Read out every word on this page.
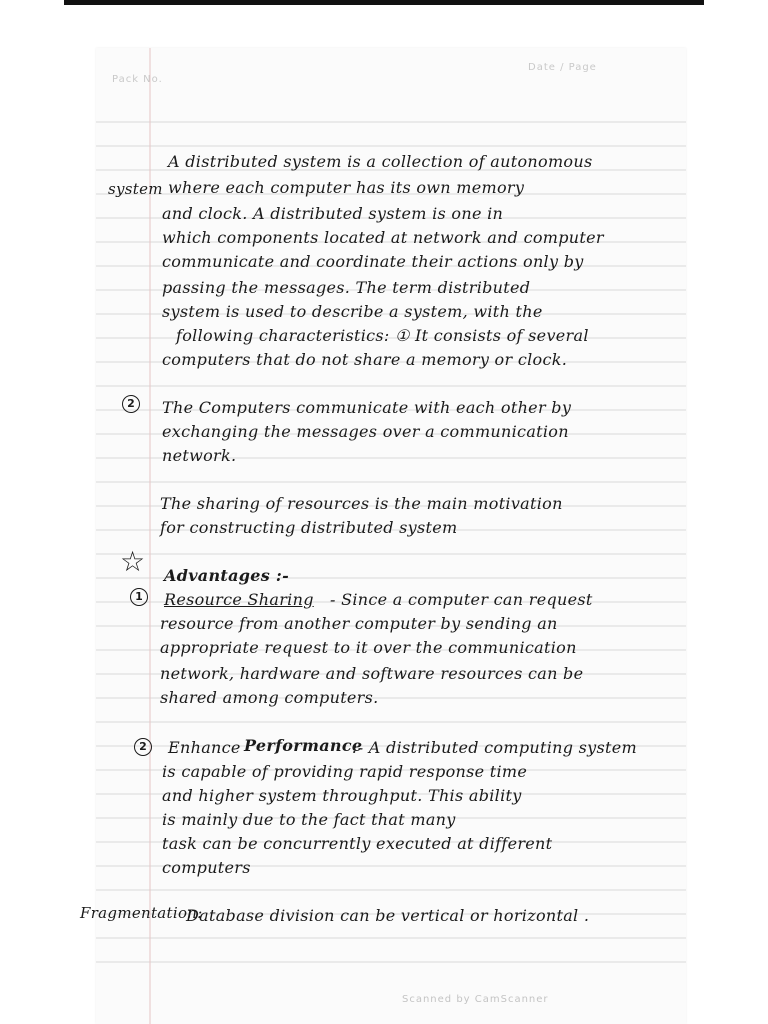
Pack No.
Date / Page
system
A distributed system is a collection of autonomous
where each computer has its own memory
and clock. A distributed system is one in
which components located at network and computer
communicate and coordinate their actions only by
passing the messages. The term distributed
system is used to describe a system, with the
following characteristics: ① It consists of several
computers that do not share a memory or clock.
2	The Computers communicate with each other by
exchanging the messages over a communication
network.
The sharing of resources is the main motivation
for constructing distributed system
☆ Advantages :-
1	Resource Sharing - Since a computer can request
resource from another computer by sending an
appropriate request to it over the communication
network, hardware and software resources can be
shared among computers.
2	Enhance Performance
:- A distributed computing system
is capable of providing rapid response time
and higher system throughput. This ability
is mainly due to the fact that many
task can be concurrently executed at different
computers
Fragmentation:
Database division can be vertical or horizontal .
Scanned by CamScanner
